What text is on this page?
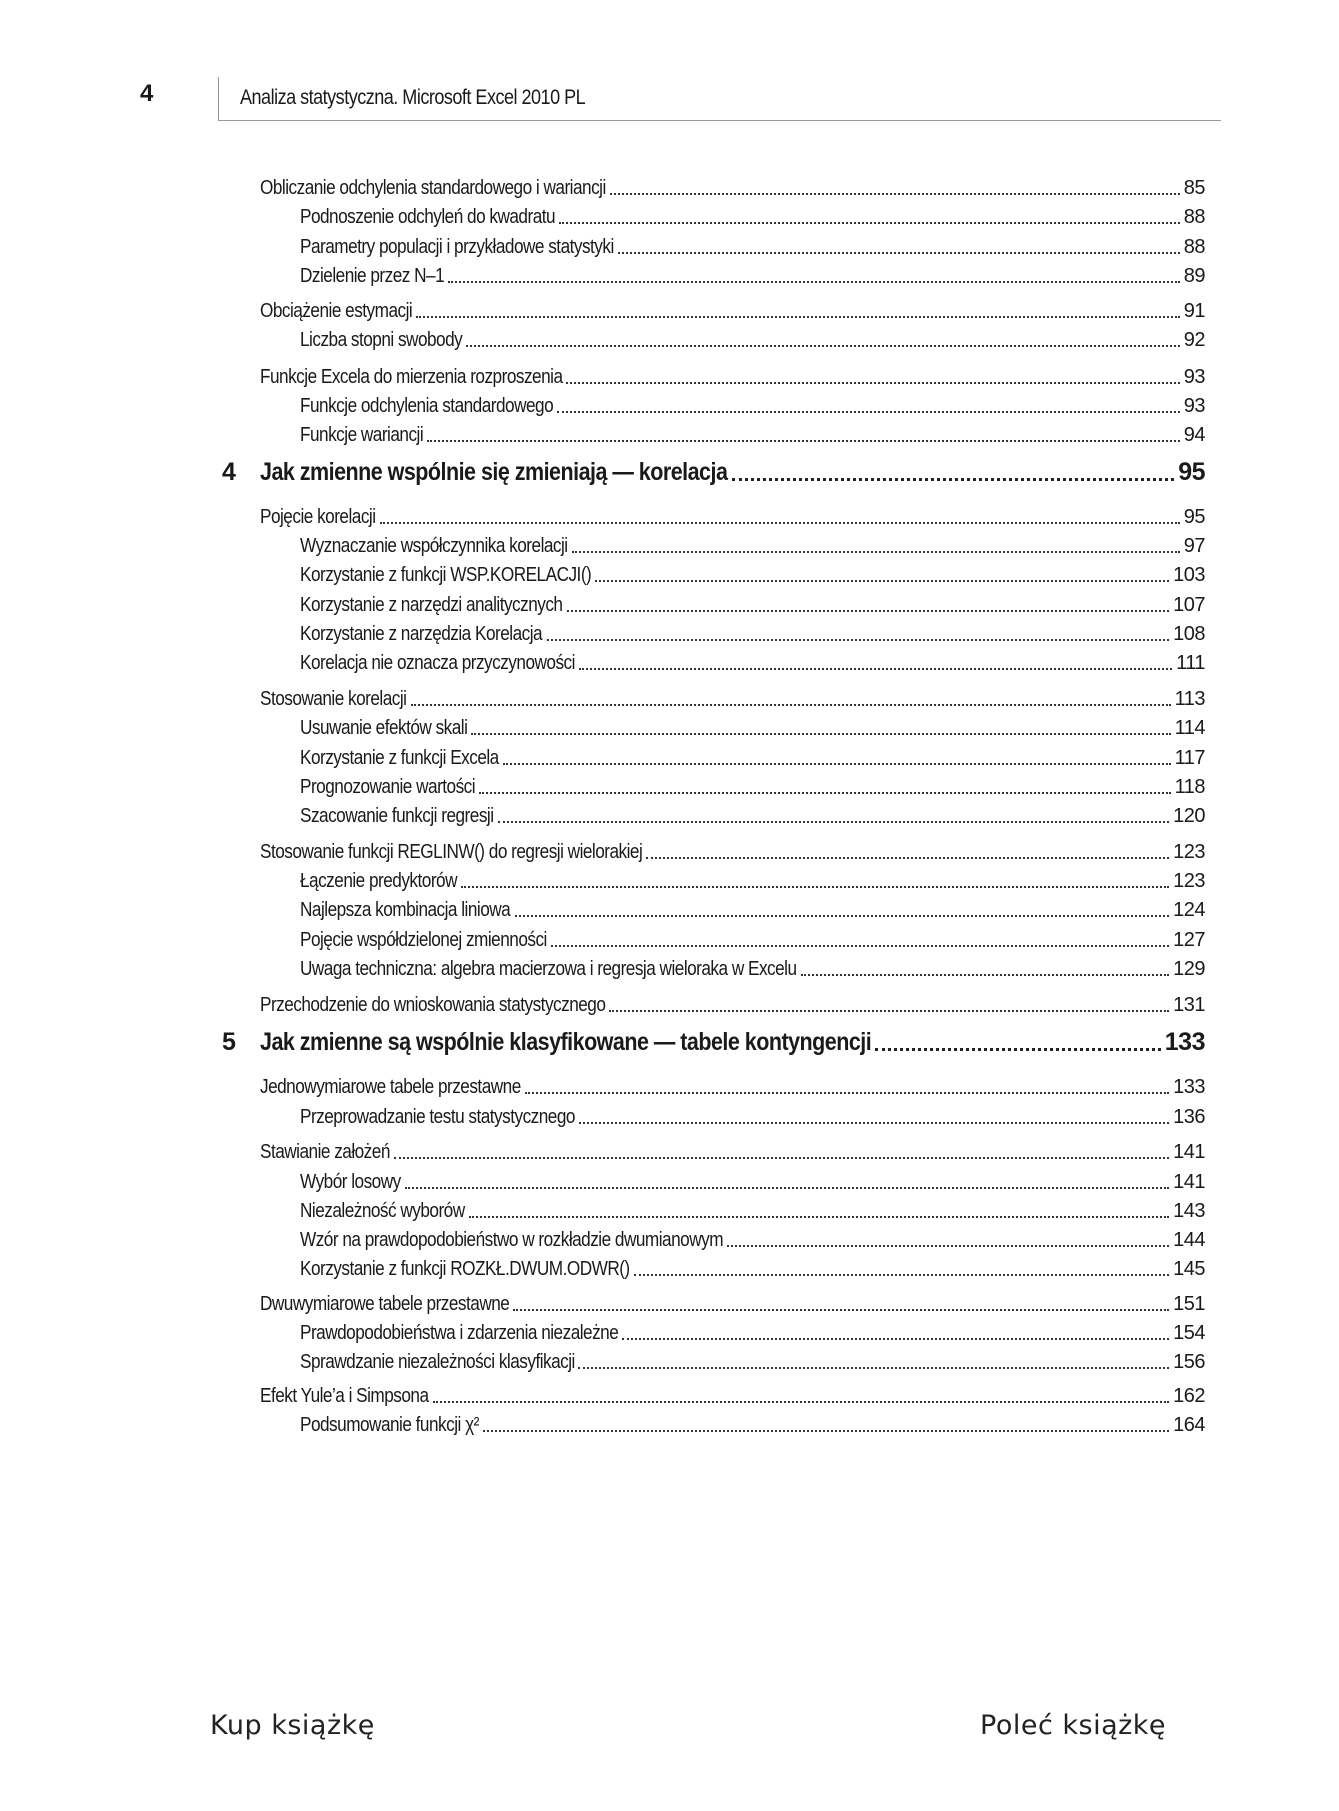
4	Analiza statystyczna. Microsoft Excel 2010 PL
Obliczanie odchylenia standardowego i wariancji	85
Podnoszenie odchyleń do kwadratu	88
Parametry populacji i przykładowe statystyki	88
Dzielenie przez N–1	89
Obciążenie estymacji	91
Liczba stopni swobody	92
Funkcje Excela do mierzenia rozproszenia	93
Funkcje odchylenia standardowego	93
Funkcje wariancji	94
4 Jak zmienne wspólnie się zmieniają — korelacja	95
Pojęcie korelacji	95
Wyznaczanie współczynnika korelacji	97
Korzystanie z funkcji WSP.KORELACJI()	103
Korzystanie z narzędzi analitycznych	107
Korzystanie z narzędzia Korelacja	108
Korelacja nie oznacza przyczynowości	111
Stosowanie korelacji	113
Usuwanie efektów skali	114
Korzystanie z funkcji Excela	117
Prognozowanie wartości	118
Szacowanie funkcji regresji	120
Stosowanie funkcji REGLINW() do regresji wielorakiej	123
Łączenie predyktorów	123
Najlepsza kombinacja liniowa	124
Pojęcie współdzielonej zmienności	127
Uwaga techniczna: algebra macierzowa i regresja wieloraka w Excelu	129
Przechodzenie do wnioskowania statystycznego	131
5 Jak zmienne są wspólnie klasyfikowane — tabele kontyngencji	133
Jednowymiarowe tabele przestawne	133
Przeprowadzanie testu statystycznego	136
Stawianie założeń	141
Wybór losowy	141
Niezależność wyborów	143
Wzór na prawdopodobieństwo w rozkładzie dwumianowym	144
Korzystanie z funkcji ROZKŁ.DWUM.ODWR()	145
Dwuwymiarowe tabele przestawne	151
Prawdopodobieństwa i zdarzenia niezależne	154
Sprawdzanie niezależności klasyfikacji	156
Efekt Yule’a i Simpsona	162
Podsumowanie funkcji χ²	164
Kup książkę	Poleć książkę
